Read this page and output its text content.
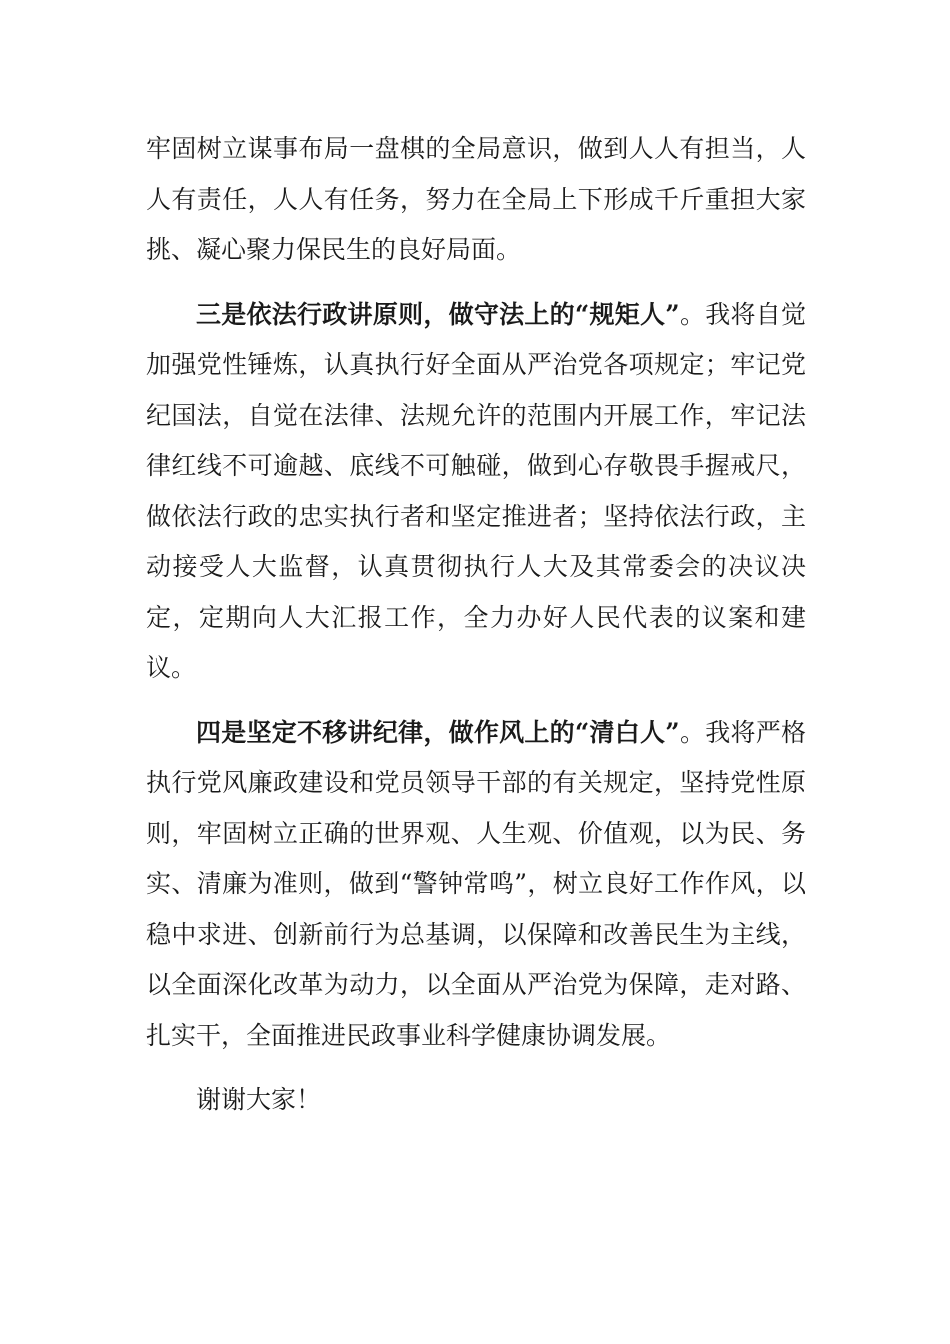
牢固树立谋事布局一盘棋的全局意识，做到人人有担当，人人有责任，人人有任务，努力在全局上下形成千斤重担大家挑、凝心聚力保民生的良好局面。

三是依法行政讲原则，做守法上的“规矩人”。我将自觉加强党性锤炼，认真执行好全面从严治党各项规定；牢记党纪国法，自觉在法律、法规允许的范围内开展工作，牢记法律红线不可逾越、底线不可触碰，做到心存敬畏手握戒尺，做依法行政的忠实执行者和坚定推进者；坚持依法行政，主动接受人大监督，认真贯彻执行人大及其常委会的决议决定，定期向人大汇报工作，全力办好人民代表的议案和建议。

四是坚定不移讲纪律，做作风上的“清白人”。我将严格执行党风廉政建设和党员领导干部的有关规定，坚持党性原则，牢固树立正确的世界观、人生观、价值观，以为民、务实、清廉为准则，做到“警钟常鸣”，树立良好工作作风，以稳中求进、创新前行为总基调，以保障和改善民生为主线，以全面深化改革为动力，以全面从严治党为保障，走对路、扎实干，全面推进民政事业科学健康协调发展。

谢谢大家！
